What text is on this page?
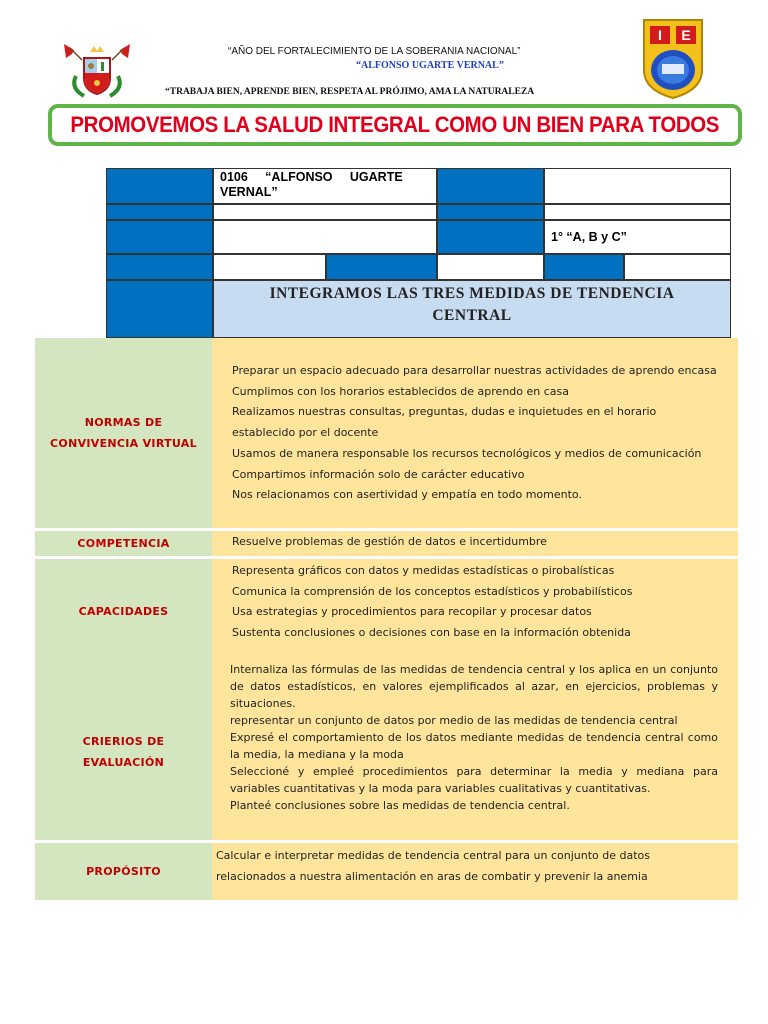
“AÑO DEL FORTALECIMIENTO DE LA SOBERANIA NACIONAL”
“ALFONSO UGARTE VERNAL”
“TRABAJA BIEN, APRENDE BIEN, RESPETA AL PRÓJIMO, AMA LA NATURALEZA
I E
PROMOVEMOS LA SALUD INTEGRAL COMO UN BIEN PARA TODOS
0106     “ALFONSO     UGARTE
VERNAL”
1° “A, B y C”
INTEGRAMOS LAS TRES MEDIDAS DE TENDENCIA
CENTRAL
NORMAS DE
CONVIVENCIA VIRTUAL
Preparar un espacio adecuado para desarrollar nuestras actividades de aprendo encasa
Cumplimos con los horarios establecidos de aprendo en casa
Realizamos nuestras consultas, preguntas, dudas e inquietudes en el horario
establecido por el docente
Usamos de manera responsable los recursos tecnológicos y medios de comunicación
Compartimos información solo de carácter educativo
Nos relacionamos con asertividad y empatía en todo momento.
COMPETENCIA	Resuelve problemas de gestión de datos e incertidumbre
CAPACIDADES
CRIERIOS DE
EVALUACIÓN
Representa gráficos con datos y medidas estadísticas o pirobalísticas
Comunica la comprensión de los conceptos estadísticos y probabilísticos
Usa estrategias y procedimientos para recopilar y procesar datos
Sustenta conclusiones o decisiones con base en la información obtenida
Internaliza las fórmulas de las medidas de tendencia central y los aplica en un conjunto de datos estadísticos, en valores ejemplificados al azar, en ejercicios, problemas y situaciones.
representar un conjunto de datos por medio de las medidas de tendencia central
Expresé el comportamiento de los datos mediante medidas de tendencia central como la media, la mediana y la moda
Seleccioné y empleé procedimientos para determinar la media y mediana para variables cuantitativas y la moda para variables cualitativas y cuantitativas.
Planteé conclusiones sobre las medidas de tendencia central.
PROPÓSITO
Calcular e interpretar medidas de tendencia central para un conjunto de datos
relacionados a nuestra alimentación en aras de combatir y prevenir la anemia
